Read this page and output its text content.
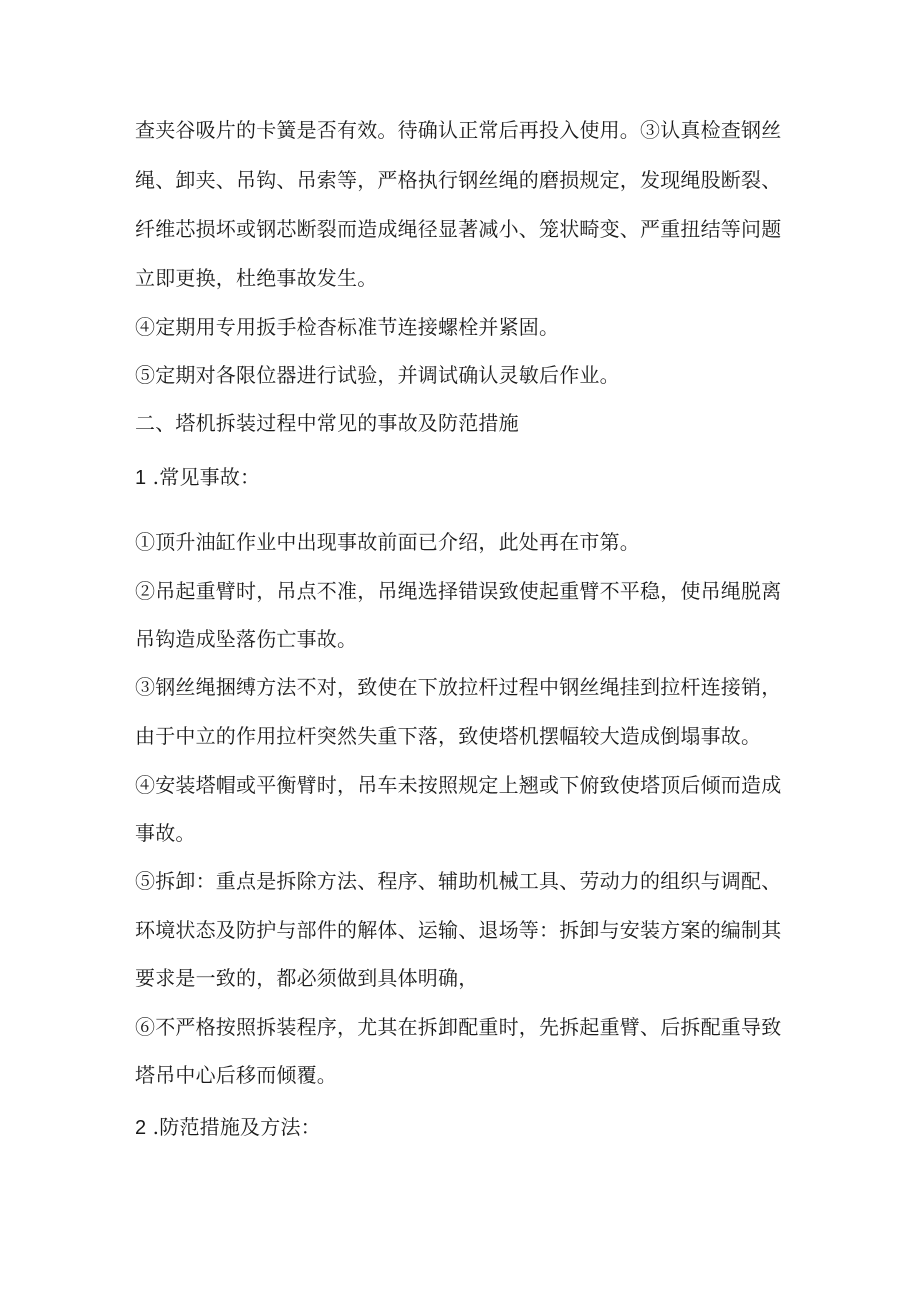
查夹谷吸片的卡簧是否有效。待确认正常后再投入使用。③认真检查钢丝
绳、卸夹、吊钩、吊索等，严格执行钢丝绳的磨损规定，发现绳股断裂、
纤维芯损坏或钢芯断裂而造成绳径显著减小、笼状畸变、严重扭结等问题
立即更换，杜绝事故发生。
④定期用专用扳手检杳标准节连接螺栓并紧固。
⑤定期对各限位器进行试验，并调试确认灵敏后作业。
二、塔机拆装过程中常见的事故及防范措施
1 .常见事故：
①顶升油缸作业中出现事故前面已介绍，此处再在市第。
②吊起重臂时，吊点不准，吊绳选择错误致使起重臂不平稳，使吊绳脱离
吊钩造成坠落伤亡事故。
③钢丝绳捆缚方法不对，致使在下放拉杆过程中钢丝绳挂到拉杆连接销，
由于中立的作用拉杆突然失重下落，致使塔机摆幅较大造成倒塌事故。
④安装塔帽或平衡臂时，吊车未按照规定上翘或下俯致使塔顶后倾而造成
事故。
⑤拆卸：重点是拆除方法、程序、辅助机械工具、劳动力的组织与调配、
环境状态及防护与部件的解体、运输、退场等：拆卸与安装方案的编制其
要求是一致的，都必须做到具体明确，
⑥不严格按照拆装程序，尤其在拆卸配重时，先拆起重臂、后拆配重导致
塔吊中心后移而倾覆。
2 .防范措施及方法：
